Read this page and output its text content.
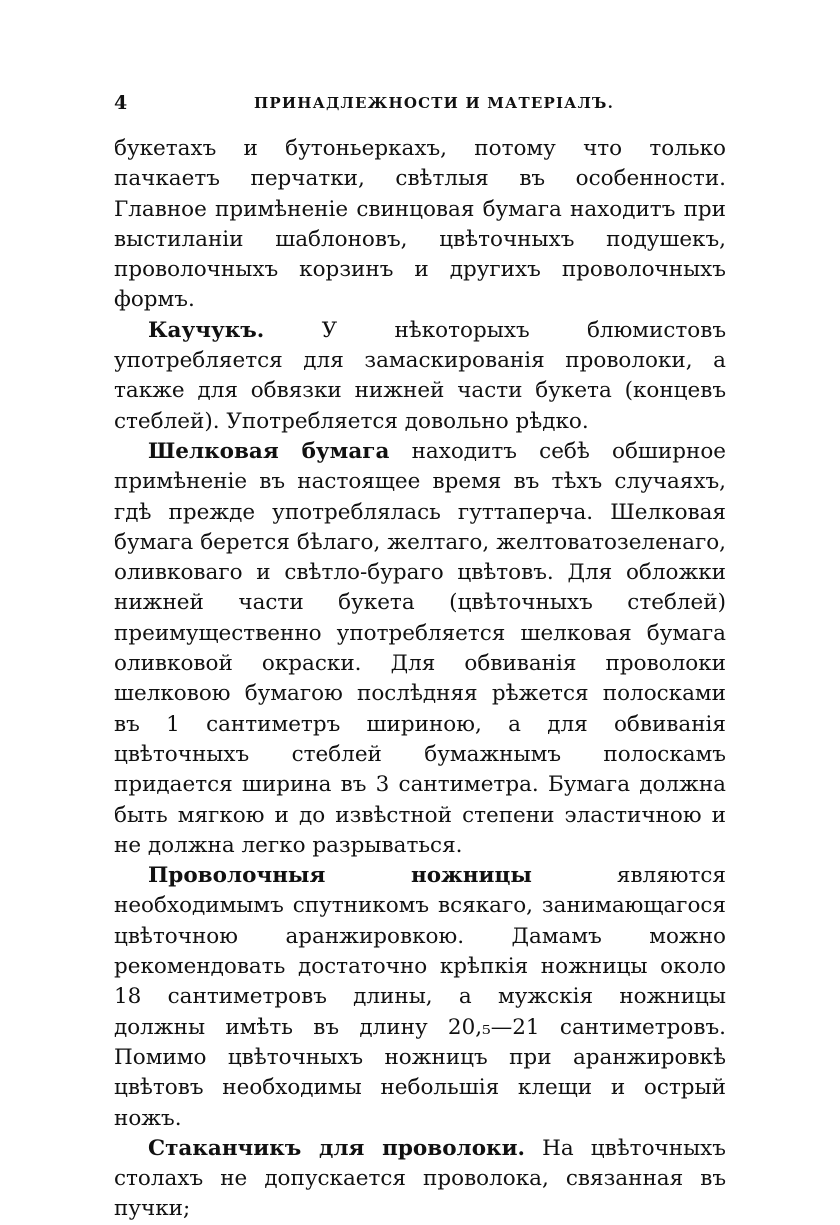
4	ПРИНАДЛЕЖНОСТИ И МАТЕРІАЛЪ.

букетахъ и бутоньеркахъ, потому что только пачкаетъ перчатки, свѣтлыя въ особенности. Главное примѣненіе свинцовая бумага находитъ при выстиланіи шаблоновъ, цвѣточныхъ подушекъ, проволочныхъ корзинъ и другихъ проволочныхъ формъ.

Каучукъ.	У нѣкоторыхъ блюмистовъ употребляется для замаскированія проволоки, а также для обвязки нижней части букета (концевъ стеблей). Употребляется довольно рѣдко.

Шелковая бумага находитъ себѣ обширное примѣненіе въ настоящее время въ тѣхъ случаяхъ, гдѣ прежде употреблялась гуттаперча. Шелковая бумага берется бѣлаго, желтаго, желтоватозеленаго, оливковаго и свѣтло-бураго цвѣтовъ. Для обложки нижней части букета (цвѣточныхъ стеблей) преимущественно употребляется шелковая бумага оливковой окраски. Для обвиванія проволоки шелковою бумагою послѣдняя рѣжется полосками въ 1 сантиметръ шириною, а для обвиванія цвѣточныхъ стеблей бумажнымъ полоскамъ придается ширина въ 3 сантиметра. Бумага должна быть мягкою и до извѣстной степени эластичною и не должна легко разрываться.

Проволочныя ножницы	являются необходимымъ спутникомъ всякаго, занимающагося цвѣточною аранжировкою. Дамамъ можно рекомендовать достаточно крѣпкія ножницы около 18 сантиметровъ длины, а мужскія ножницы должны имѣть въ длину 20,₅—21 сантиметровъ. Помимо цвѣточныхъ ножницъ при аранжировкѣ цвѣтовъ необходимы небольшія клещи и острый ножъ.

Стаканчикъ для проволоки. На цвѣточныхъ столахъ не допускается проволока, связанная въ пучки;
